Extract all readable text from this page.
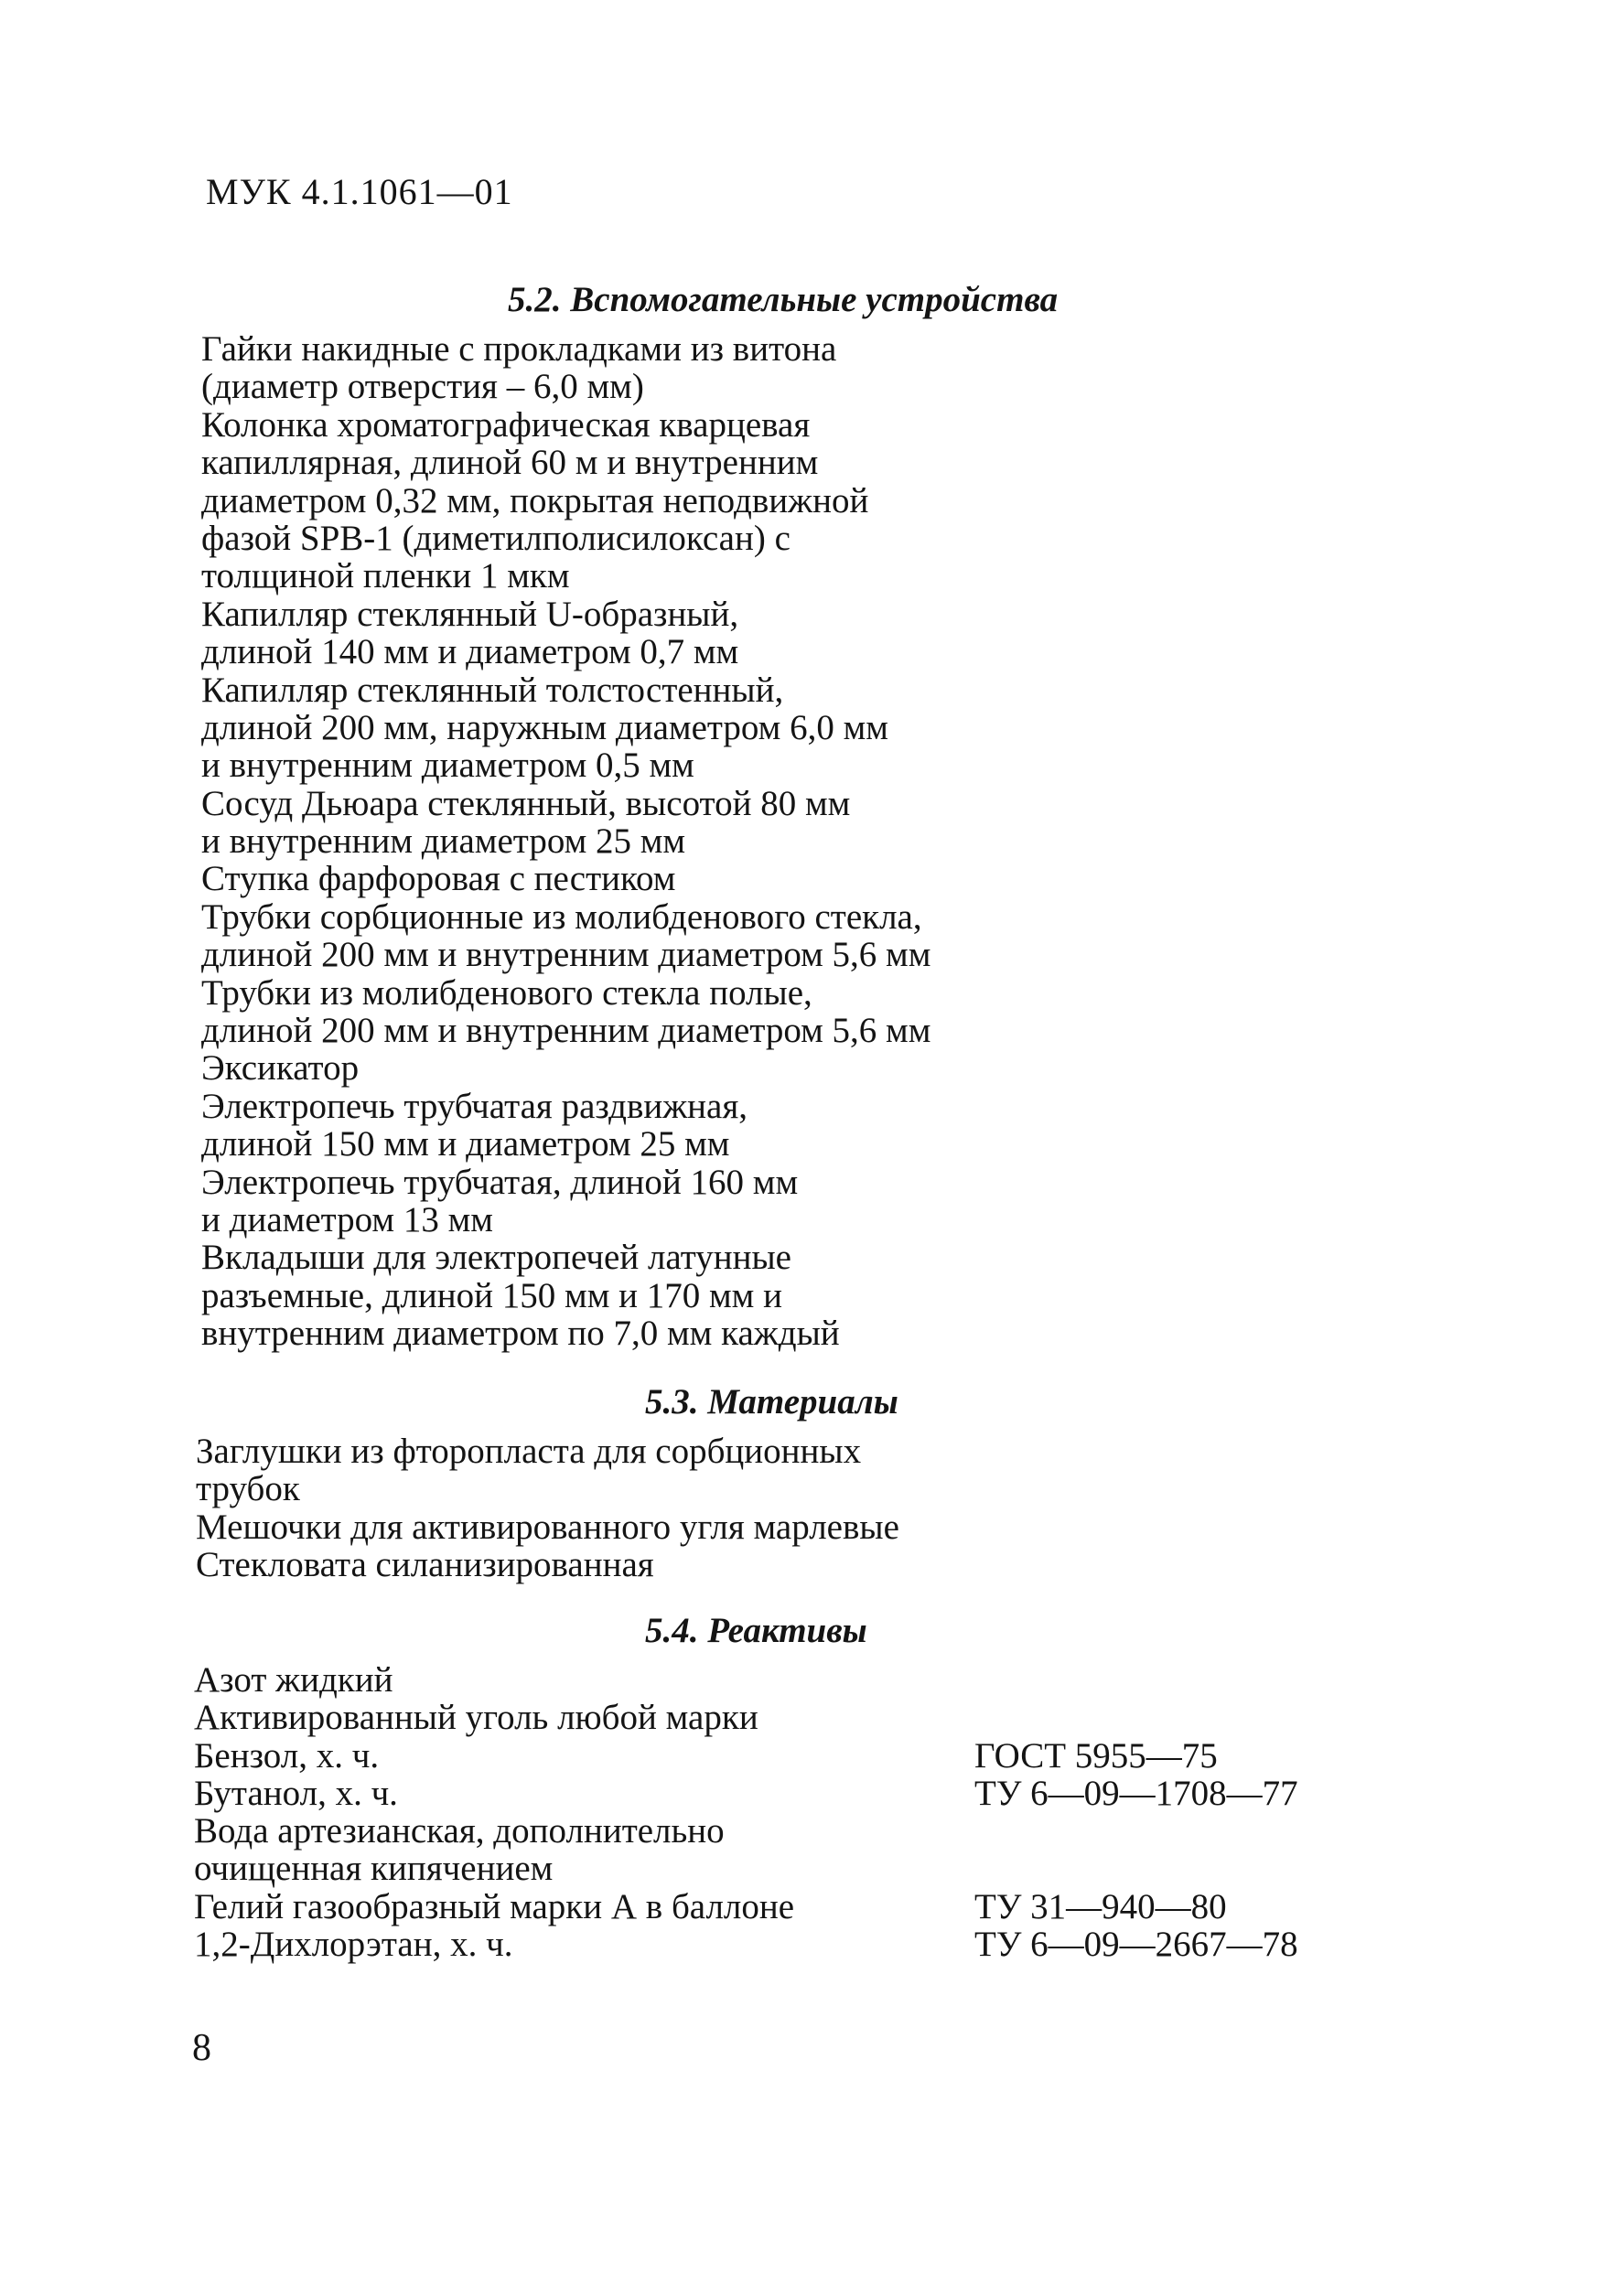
МУК 4.1.1061—01
5.2. Вспомогательные устройства
Гайки накидные с прокладками из витона
(диаметр отверстия – 6,0 мм)
Колонка хроматографическая кварцевая
капиллярная, длиной 60 м и внутренним
диаметром 0,32 мм, покрытая неподвижной
фазой SPB-1 (диметилполисилоксан) с
толщиной пленки 1 мкм
Капилляр стеклянный U-образный,
длиной 140 мм и диаметром 0,7 мм
Капилляр стеклянный толстостенный,
длиной 200 мм, наружным диаметром 6,0 мм
и внутренним диаметром 0,5 мм
Сосуд Дьюара стеклянный, высотой 80 мм
и внутренним диаметром 25 мм
Ступка фарфоровая с пестиком
Трубки сорбционные из молибденового стекла,
длиной 200 мм и внутренним диаметром 5,6 мм
Трубки из молибденового стекла полые,
длиной 200 мм и внутренним диаметром 5,6 мм
Эксикатор
Электропечь трубчатая раздвижная,
длиной 150 мм и диаметром 25 мм
Электропечь трубчатая, длиной 160 мм
и диаметром 13 мм
Вкладыши для электропечей латунные
разъемные, длиной 150 мм и 170 мм и
внутренним диаметром по 7,0 мм каждый
5.3. Материалы
Заглушки из фторопласта для сорбционных
трубок
Мешочки для активированного угля марлевые
Стекловата силанизированная
5.4. Реактивы
Азот жидкий
Активированный уголь любой марки
Бензол, х. ч.	ГОСТ 5955—75
Бутанол, х. ч.	ТУ 6—09—1708—77
Вода артезианская, дополнительно
очищенная кипячением
Гелий газообразный марки А в баллоне	ТУ 31—940—80
1,2-Дихлорэтан, х. ч.	ТУ 6—09—2667—78
8
